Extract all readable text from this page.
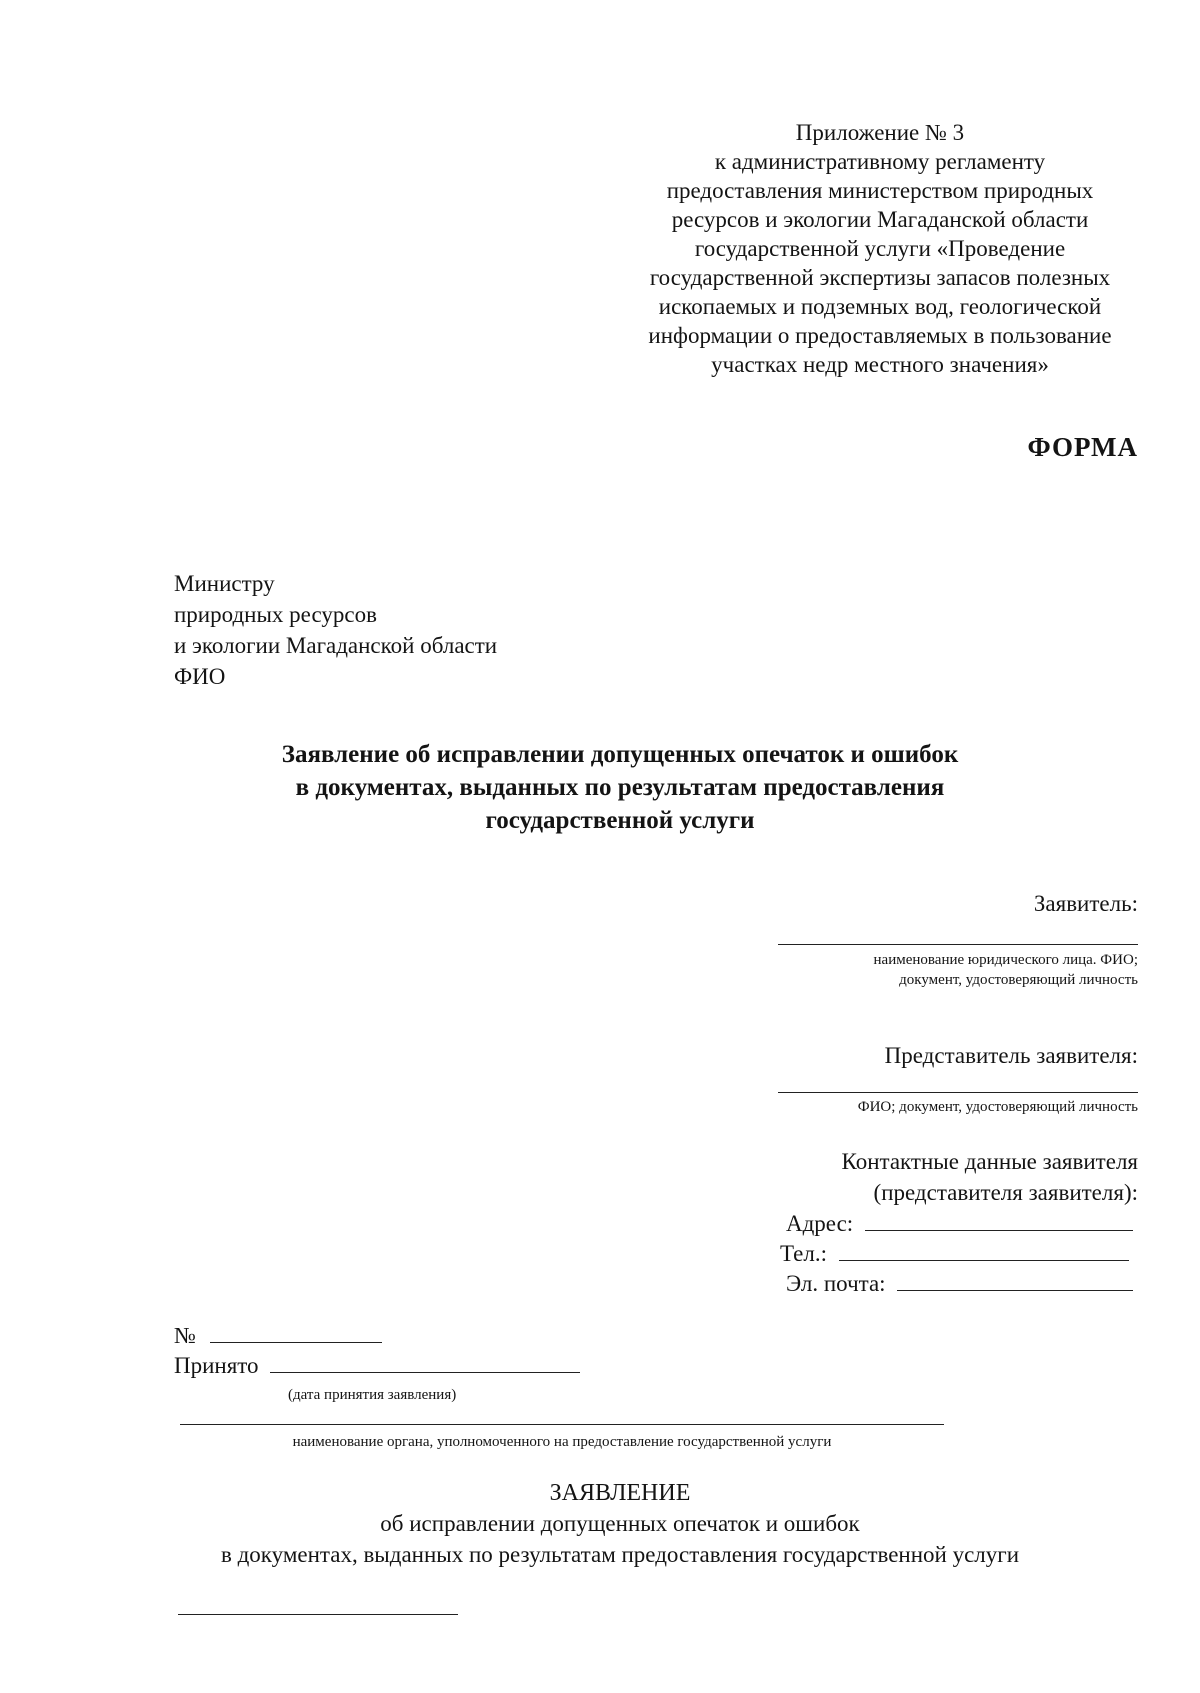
Приложение № 3
к административному регламенту
предоставления министерством природных
ресурсов и экологии Магаданской области
государственной услуги «Проведение
государственной экспертизы запасов полезных
ископаемых и подземных вод, геологической
информации о предоставляемых в пользование
участках недр местного значения»
ФОРМА
Министру
природных ресурсов
и экологии Магаданской области
ФИО
Заявление об исправлении допущенных опечаток и ошибок
в документах, выданных по результатам предоставления
государственной услуги
Заявитель:
наименование юридического лица. ФИО;
документ, удостоверяющий личность
Представитель заявителя:
ФИО; документ, удостоверяющий личность
Контактные данные заявителя
(представителя заявителя):
Адрес:
Тел.:
Эл. почта:
№
Принято
(дата принятия заявления)
наименование органа, уполномоченного на предоставление государственной услуги
ЗАЯВЛЕНИЕ
об исправлении допущенных опечаток и ошибок
в документах, выданных по результатам предоставления государственной услуги
